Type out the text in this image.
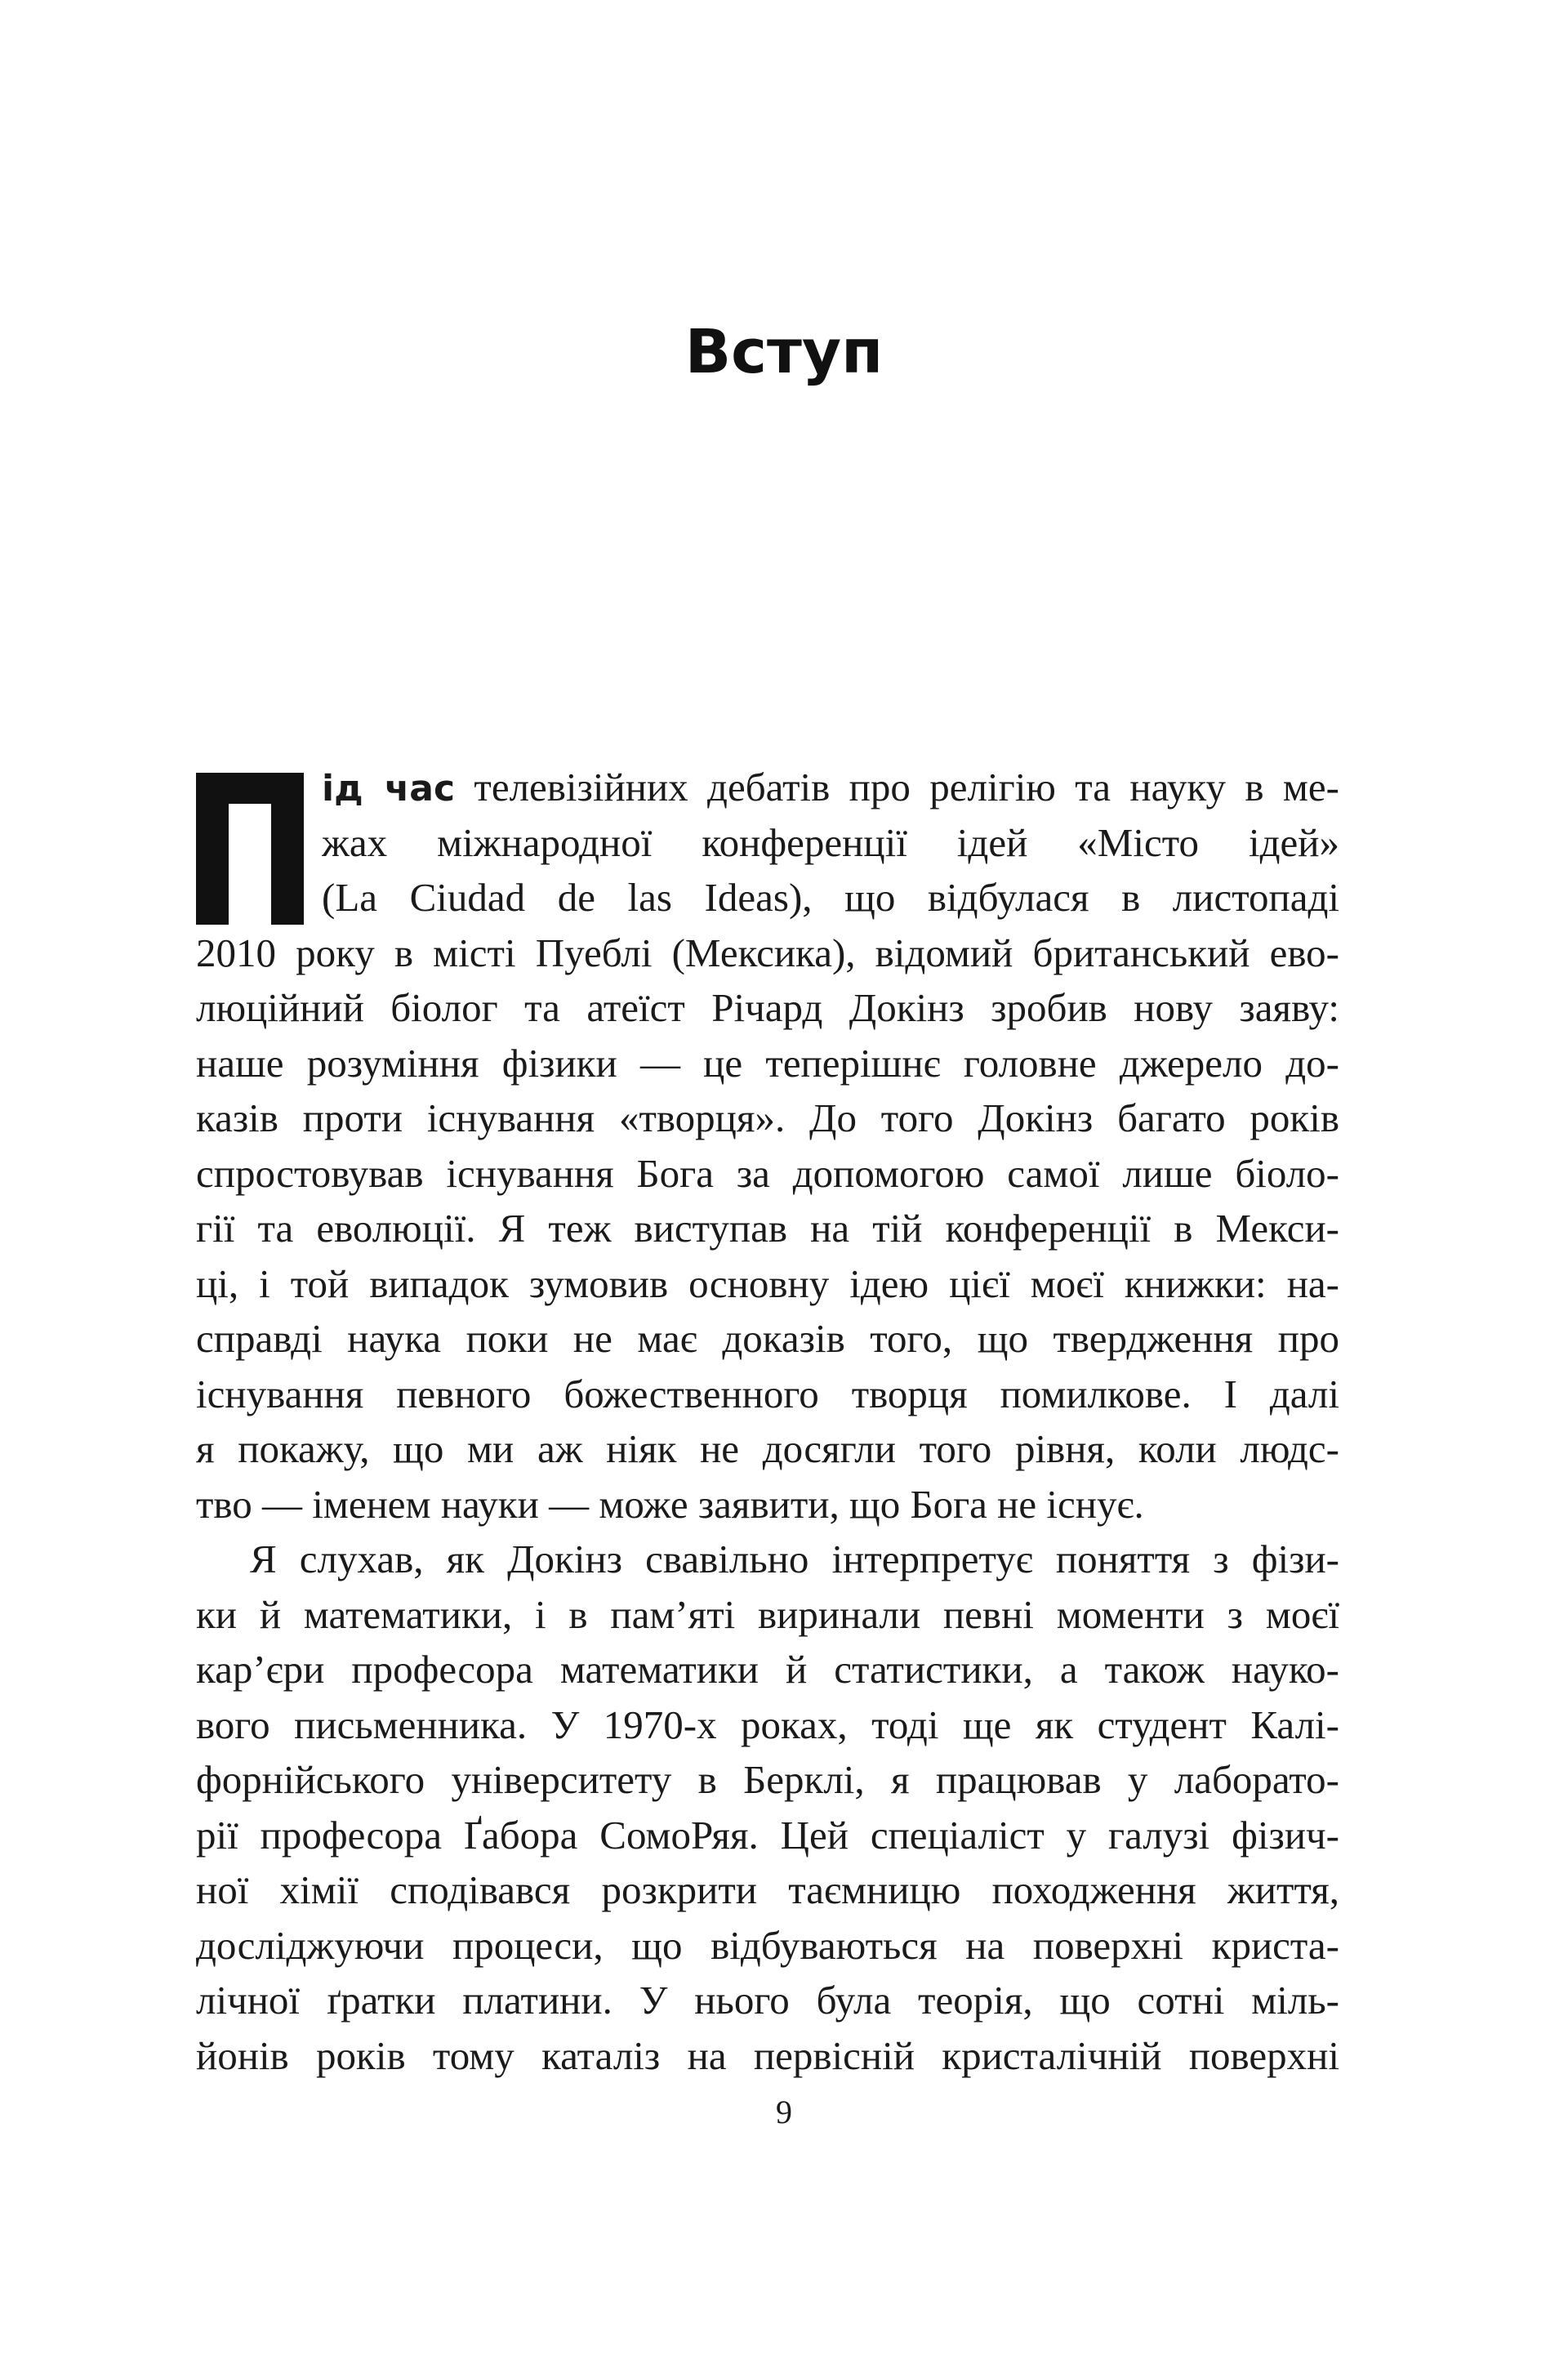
Вступ
ід час телевізійних дебатів про релігію та науку в ме-
жах міжнародної конференції ідей «Місто ідей»
(La Ciudad de las Ideas), що відбулася в листопаді
2010 року в місті Пуеблі (Мексика), відомий британський ево-
люційний біолог та атеїст Річард Докінз зробив нову заяву:
наше розуміння фізики — це теперішнє головне джерело до-
казів проти існування «творця». До того Докінз багато років
спростовував існування Бога за допомогою самої лише біоло-
гії та еволюції. Я теж виступав на тій конференції в Мекси-
ці, і той випадок зумовив основну ідею цієї моєї книжки: на-
справді наука поки не має доказів того, що твердження про
існування певного божественного творця помилкове. І далі
я покажу, що ми аж ніяк не досягли того рівня, коли людс-
тво — іменем науки — може заявити, що Бога не існує.
Я слухав, як Докінз свавільно інтерпретує поняття з фізи-
ки й математики, і в пам’яті виринали певні моменти з моєї
кар’єри професора математики й статистики, а також науко-
вого письменника. У 1970-х роках, тоді ще як студент Калі-
форнійського університету в Берклі, я працював у лаборато-
рії професора Ґабора СомоРяя. Цей спеціаліст у галузі фізич-
ної хімії сподівався розкрити таємницю походження життя,
досліджуючи процеси, що відбуваються на поверхні криста-
лічної ґратки платини. У нього була теорія, що сотні міль-
йонів років тому каталіз на первісній кристалічній поверхні
9
